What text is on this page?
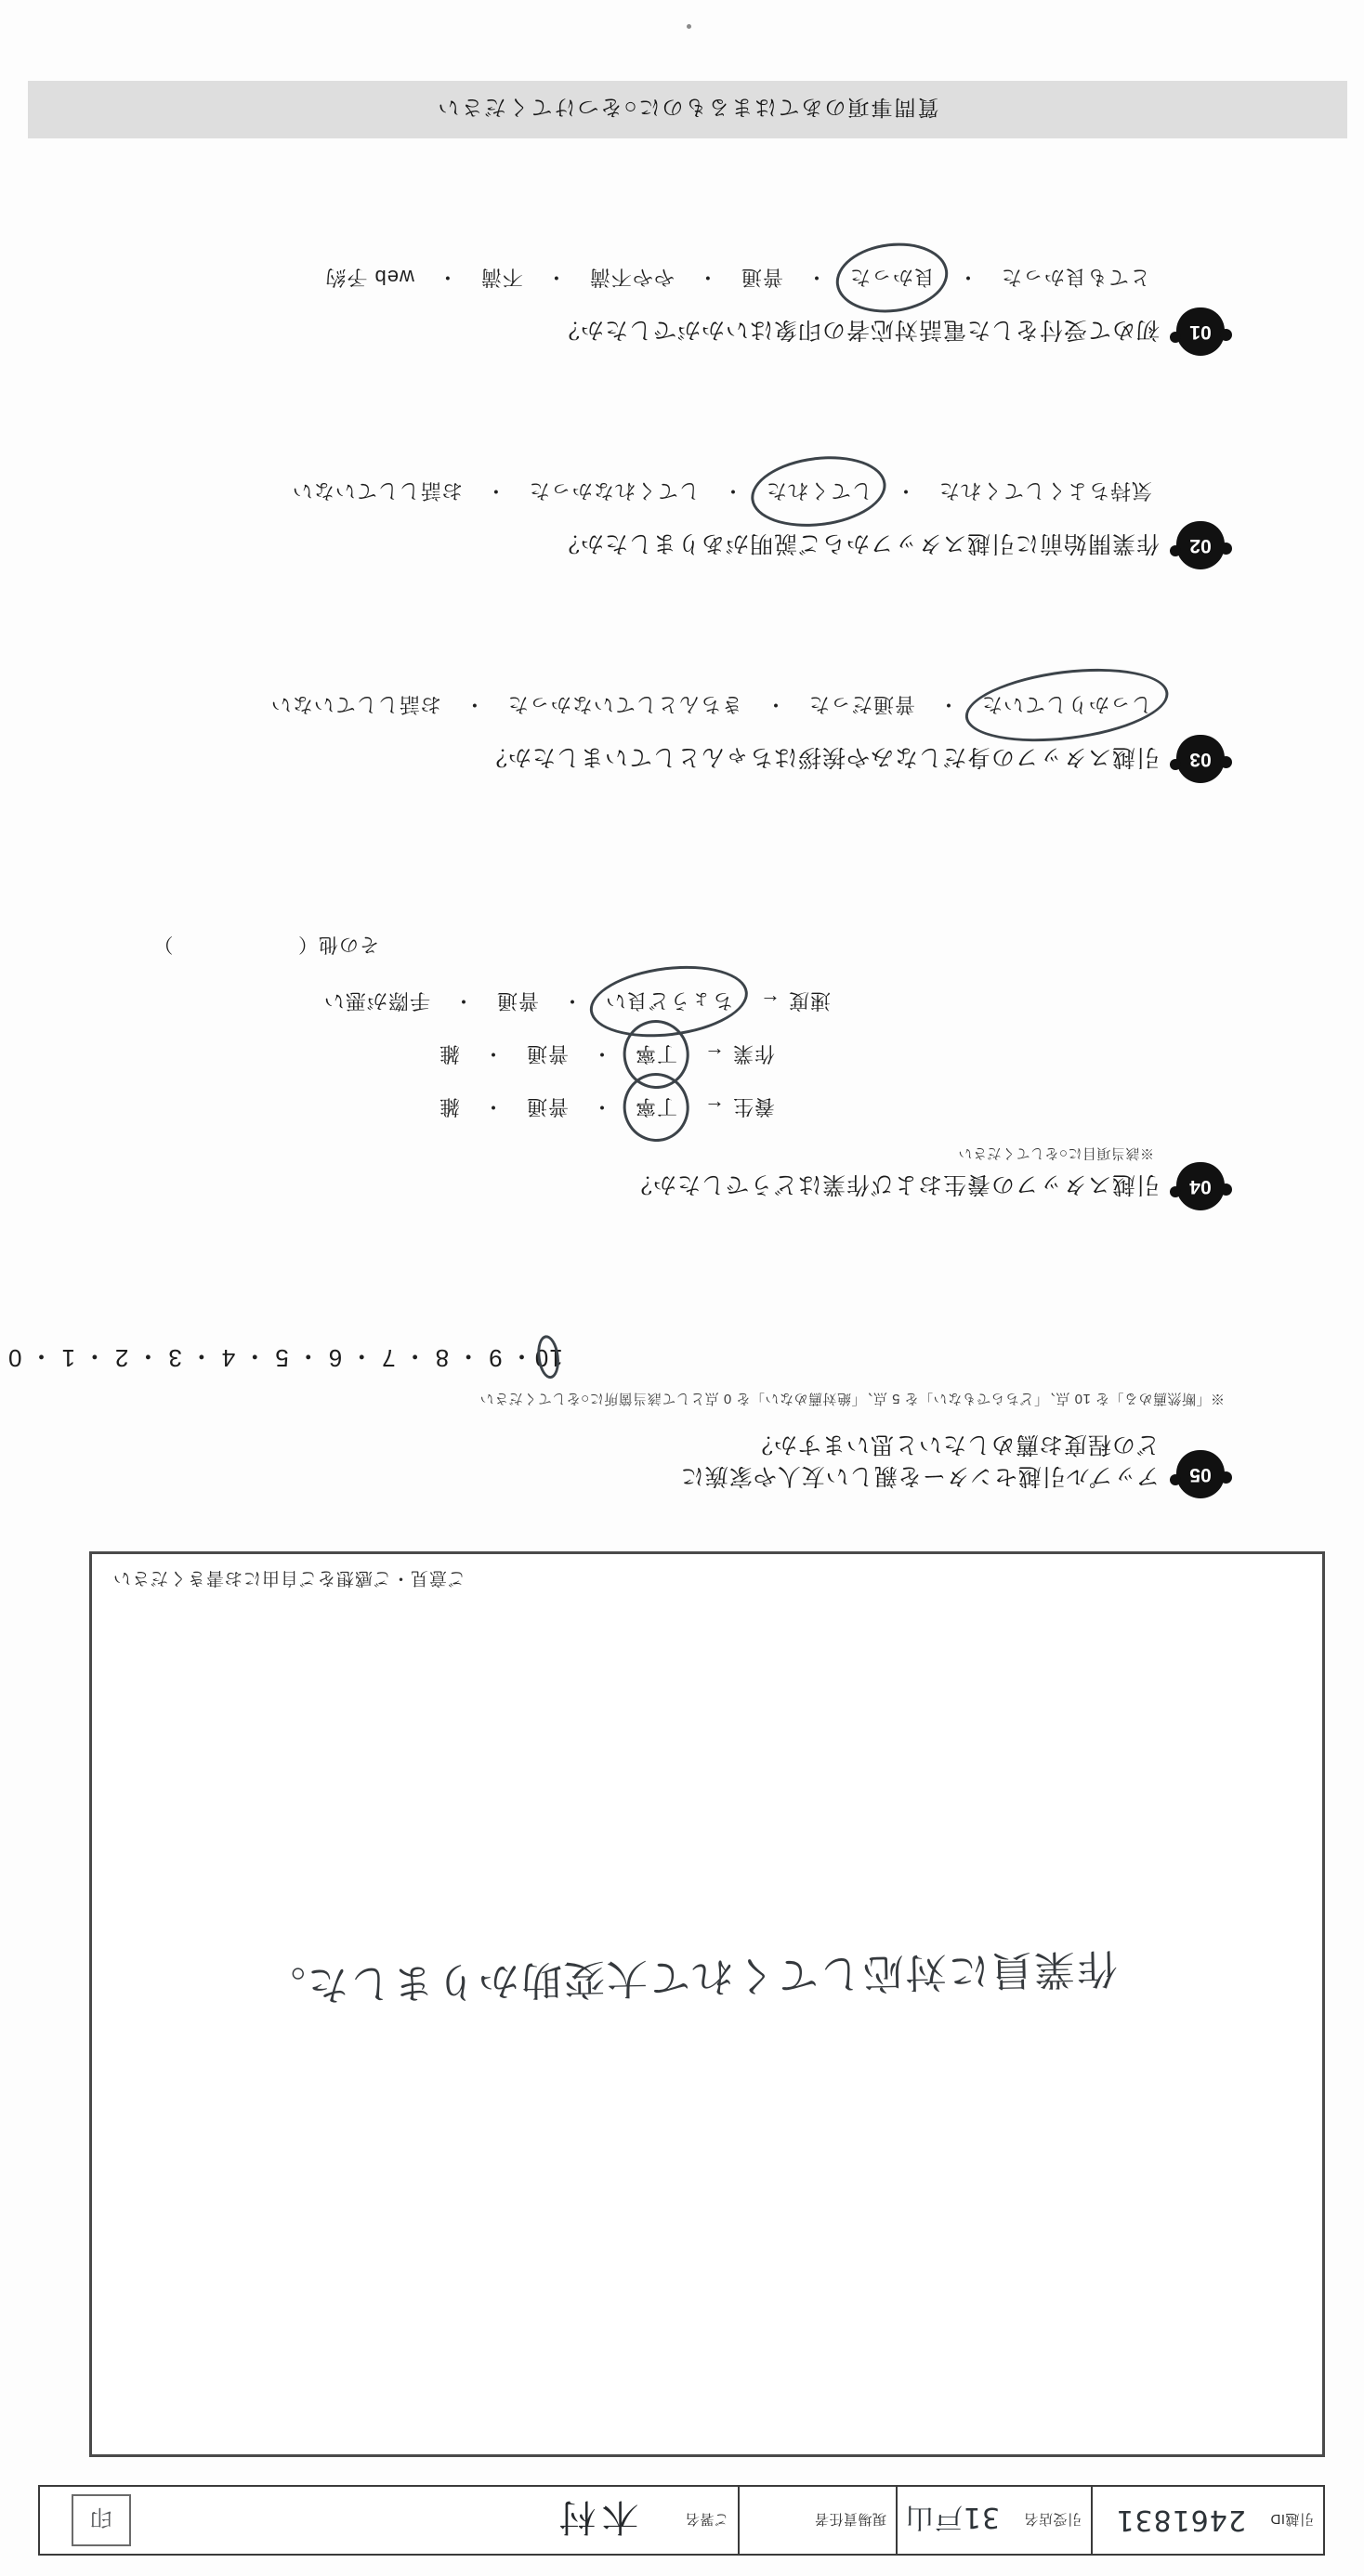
引越ID
2461831
引受店名
31戸山
現場責任者
ご署名
木村
印
作業員に対応してくれて大変助かりました。
ご意見・ご感想をご自由にお書きください
05
アップル引越センターを親しい友人や家族に
どの程度お薦めしたいと思いますか？
※「断然薦める」を 10 点、「どちらでもない」を 5 点、「絶対薦めない」を 0 点として該当箇所に○をしてください
10
・
9
・
8
・
7
・
6
・
5
・
4
・
3
・
2
・
1
・
0
04
引越スタッフの養生および作業はどうでしたか？
※該当項目に○をしてください
養生
←
丁寧
・
普通
・
雑
作業
←
丁寧
・
普通
・
雑
速度
←
ちょうど良い
・
普通
・
手際が悪い
その他（  ）
03
引越スタッフの身だしなみや挨拶はちゃんとしていましたか？
しっかりしていた
・
普通だった
・
きちんとしていなかった
・
お話ししていない
02
作業開始前に引越スタッフからご説明がありましたか？
気持ちよくしてくれた
・
してくれた
・
してくれなかった
・
お話ししていない
01
初めて受付をした電話対応者の印象はいかがでしたか？
とても良かった
・
良かった
・
普通
・
やや不満
・
不満
・
web 予約
質問事項のあてはまるものに○をつけてください
